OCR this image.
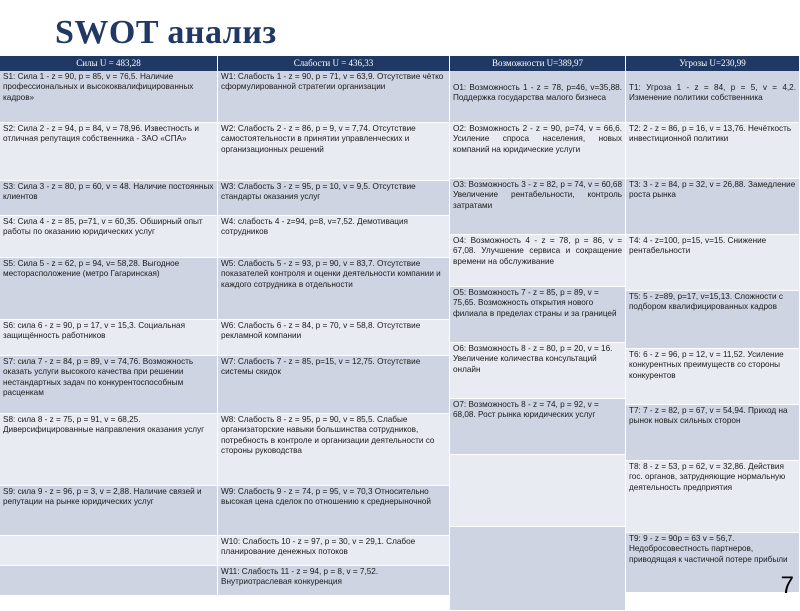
SWOT анализ
Силы U = 483,28
S1: Сила 1 - z = 90, p = 85, v = 76,5. Наличие профессиональных и высококвалифицированных кадров»
S2: Сила 2 - z = 94, p = 84, v = 78,96. Известность и отличная репутация собственника - ЗАО «СПА»
S3: Сила 3 - z = 80, p = 60, v = 48. Наличие постоянных клиентов
S4: Сила 4 - z = 85, p=71, v = 60,35. Обширный опыт работы по оказанию юридических услуг
S5: Сила 5 - z = 62, p = 94, v= 58,28. Выгодное месторасположение (метро Гагаринская)
S6: сила 6 - z = 90, p = 17, v = 15,3. Социальная защищённость работников
S7: сила 7 - z = 84, p = 89, v = 74,76. Возможность оказать услуги высокого качества при решении нестандартных задач по конкурентоспособным расценкам
S8: сила 8 - z = 75, p = 91, v = 68,25. Диверсифицированные направления оказания услуг
S9: сила 9 - z = 96, p = 3, v = 2,88. Наличие связей и репутации на рынке юридических услуг
Слабости U = 436,33
W1: Слабость 1 - z = 90, p = 71, v = 63,9. Отсутствие чётко сформулированной стратегии организации
W2: Слабость 2 - z = 86, p = 9, v = 7,74. Отсутствие самостоятельности в принятии управленческих и организационных решений
W3: Слабость 3 - z = 95, p = 10, v = 9,5. Отсутствие стандарты оказания услуг
W4: слабость 4 - z=94, p=8, v=7,52. Демотивация сотрудников
W5: Слабость 5 - z = 93, p = 90, v = 83,7. Отсутствие показателей контроля и оценки деятельности компании и каждого сотрудника в отдельности
W6: Слабость 6 - z = 84, p = 70, v = 58,8. Отсутствие рекламной компании
W7: Слабость 7 - z = 85, p=15, v = 12,75. Отсутствие системы скидок
W8: Слабость 8 - z = 95, p = 90, v = 85,5. Слабые организаторские навыки большинства сотрудников, потребность в контроле и организации деятельности со стороны руководства
W9: Слабость 9 - z = 74, p = 95, v = 70,3 Относительно высокая цена сделок по отношению к среднерыночной
W10: Слабость 10 - z = 97, p = 30, v = 29,1. Слабое планирование денежных потоков
W11: Слабость 11 - z = 94, p = 8, v = 7,52. Внутриотраслевая конкуренция
Возможности U=389,97
O1: Возможность 1 - z = 78, p=46, v=35,88. Поддержка государства малого бизнеса
O2: Возможность 2 - z = 90, p=74, v = 66,6. Усиление спроса населения, новых компаний на юридические услуги
O3: Возможность 3 - z = 82, p = 74, v = 60,68 Увеличение рентабельности, контроль затратами
O4: Возможность 4 - z = 78, p = 86, v = 67,08. Улучшение сервиса и сокращение времени на обслуживание
O5: Возможность 7 - z = 85, p = 89, v = 75,65. Возможность открытия нового филиала в пределах страны и за границей
O6: Возможность 8 - z = 80, p = 20, v = 16. Увеличение количества консультаций онлайн
O7: Возможность 8 - z = 74, p = 92, v = 68,08. Рост рынка юридических услуг
Угрозы U=230,99
T1: Угроза 1 - z = 84, p = 5, v = 4,2. Изменение политики собственника
T2: 2 - z = 86, p = 16, v = 13,76. Нечёткость инвестиционной политики
T3: 3 - z = 84, p = 32, v = 26,88. Замедление роста рынка
T4: 4 - z=100, p=15, v=15. Снижение рентабельности
T5: 5 - z=89, p=17, v=15,13. Сложности с подбором квалифицированных кадров
T6: 6 - z = 96, p = 12, v = 11,52. Усиление конкурентных преимуществ со стороны конкурентов
T7: 7 - z = 82, p = 67, v = 54,94. Приход на рынок новых сильных сторон
T8: 8 - z = 53, p = 62, v = 32,86. Действия гос. органов, затрудняющие нормальную деятельность предприятия
T9: 9 - z = 90p = 63 v = 56,7. Недобросовестность партнеров, приводящая к частичной потере прибыли
7
